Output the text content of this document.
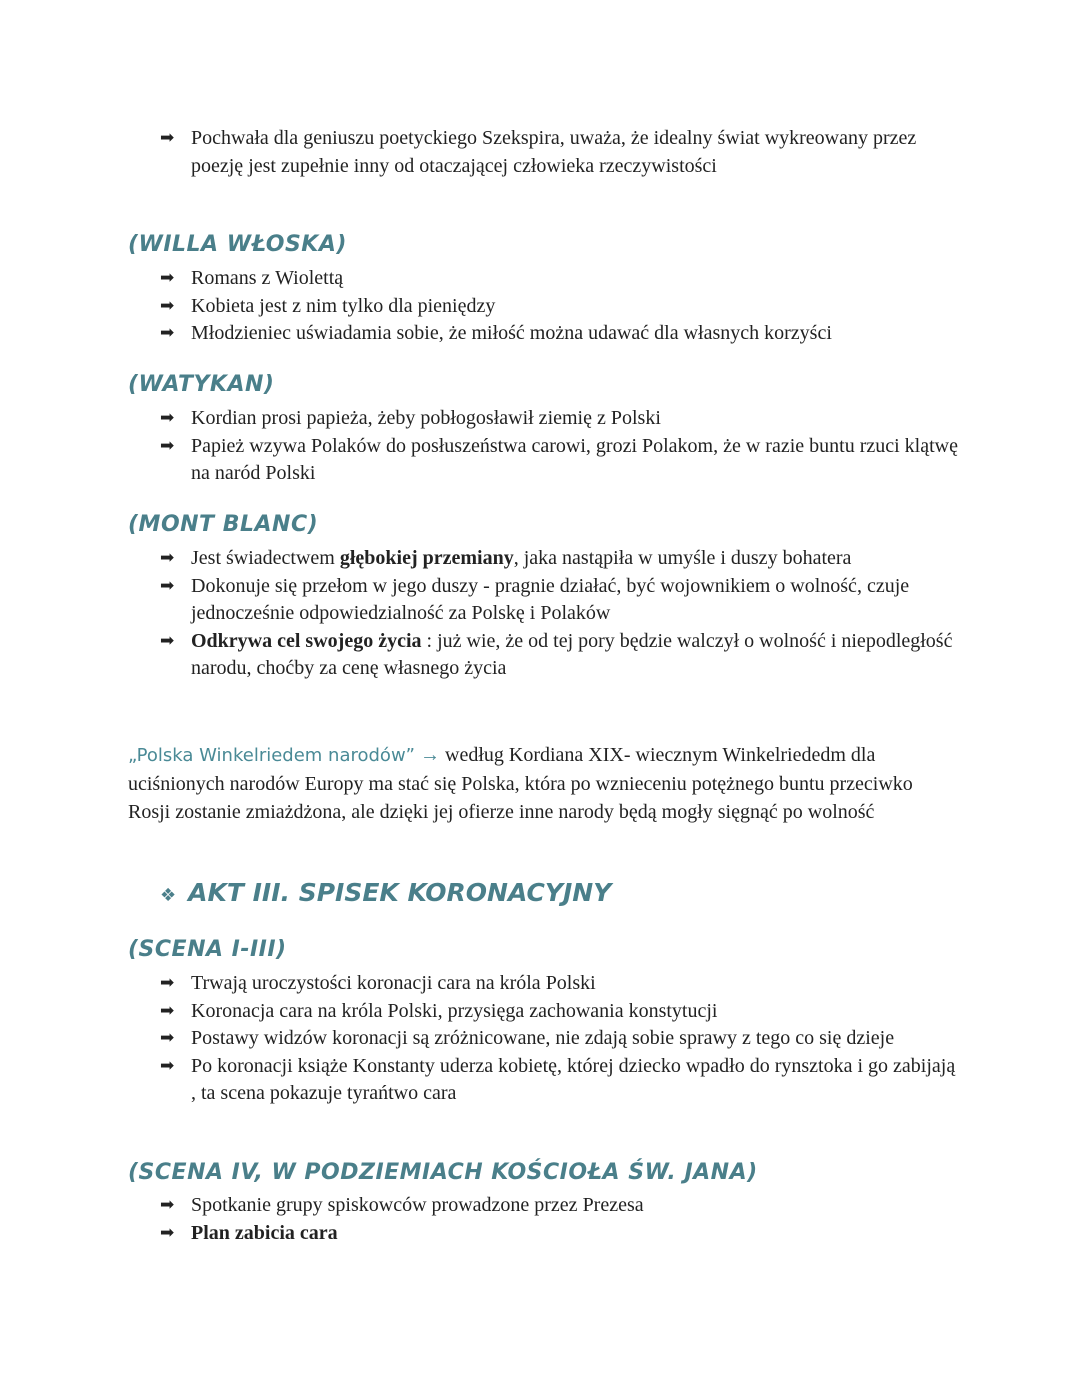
➡ Pochwała dla geniuszu poetyckiego Szekspira, uważa, że idealny świat wykreowany przez poezję jest zupełnie inny od otaczającej człowieka rzeczywistości
(WILLA WŁOSKA)
➡ Romans z Wiolettą
➡ Kobieta jest z nim tylko dla pieniędzy
➡ Młodzieniec uświadamia sobie, że miłość można udawać dla własnych korzyści
(WATYKAN)
➡ Kordian prosi papieża, żeby pobłogosławił ziemię z Polski
➡ Papież wzywa Polaków do posłuszeństwa carowi, grozi Polakom, że w razie buntu rzuci klątwę na naród Polski
(MONT BLANC)
➡ Jest świadectwem głębokiej przemiany, jaka nastąpiła w umyśle i duszy bohatera
➡ Dokonuje się przełom w jego duszy - pragnie działać, być wojownikiem o wolność, czuje jednocześnie odpowiedzialność za Polskę i Polaków
➡ Odkrywa cel swojego życia : już wie, że od tej pory będzie walczył o wolność i niepodległość narodu, choćby za cenę własnego życia

„Polska Winkelriedem narodów” → według Kordiana XIX- wiecznym Winkelriededm dla uciśnionych narodów Europy ma stać się Polska, która po wznieceniu potężnego buntu przeciwko Rosji zostanie zmiażdżona, ale dzięki jej ofierze inne narody będą mogły sięgnąć po wolność

❖ AKT III. SPISEK KORONACYJNY
(SCENA I-III)
➡ Trwają uroczystości koronacji cara na króla Polski
➡ Koronacja cara na króla Polski, przysięga zachowania konstytucji
➡ Postawy widzów koronacji są zróżnicowane, nie zdają sobie sprawy z tego co się dzieje
➡ Po koronacji książe Konstanty uderza kobietę, której dziecko wpadło do rynsztoka i go zabijają , ta scena pokazuje tyrańtwo cara
(SCENA IV, W PODZIEMIACH KOŚCIOŁA ŚW. JANA)
➡ Spotkanie grupy spiskowców prowadzone przez Prezesa
➡ Plan zabicia cara
